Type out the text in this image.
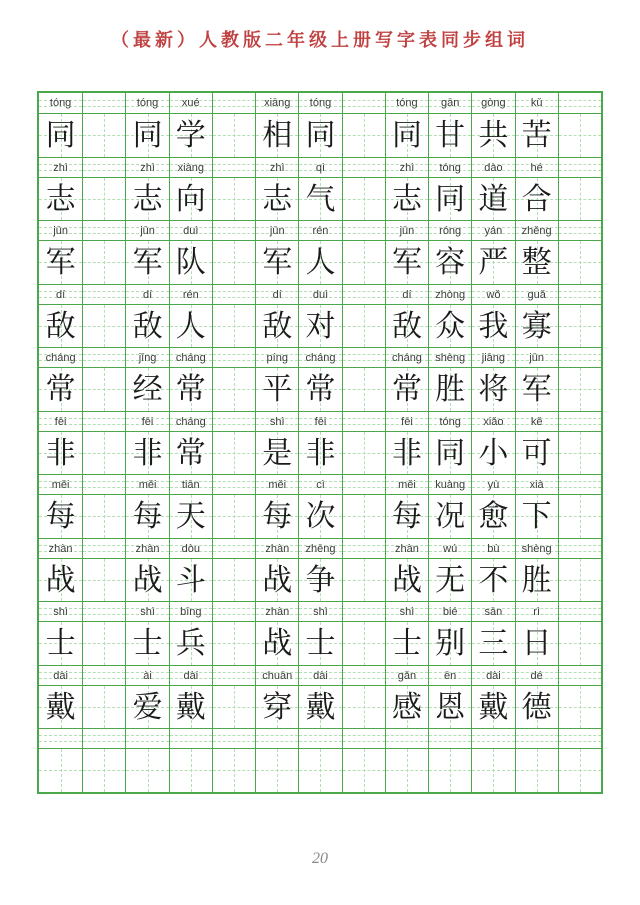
（最新）人教版二年级上册写字表同步组词
tóng	tóng	xué	xiāng	tóng	tóng	gān	gòng	kǔ
同 同 学 相 同 同 甘 共 苦
zhì	zhì	xiàng	zhì	qì	zhì	tóng	dào	hé
志 志 向 志 气 志 同 道 合
jūn	jūn	duì	jūn	rén	jūn	róng	yán	zhěng
军 军 队 军 人 军 容 严 整
dí	dí	rén	dí	duì	dí	zhòng	wǒ	guǎ
敌 敌 人 敌 对 敌 众 我 寡
cháng	jīng	cháng	píng	cháng	cháng	shèng	jiāng	jūn
常 经 常 平 常 常 胜 将 军
fēi	fēi	cháng	shì	fēi	fēi	tóng	xiǎo	kě
非 非 常 是 非 非 同 小 可
měi	měi	tiān	měi	cì	měi	kuàng	yù	xià
每 每 天 每 次 每 况 愈 下
zhàn	zhàn	dòu	zhàn	zhēng	zhàn	wú	bù	shèng
战 战 斗 战 争 战 无 不 胜
shì	shì	bīng	zhàn	shì	shì	bié	sān	rì
士 士 兵 战 士 士 别 三 日
dài	ài	dài	chuān	dài	gǎn	ēn	dài	dé
戴 爱 戴 穿 戴 感 恩 戴 德
20
